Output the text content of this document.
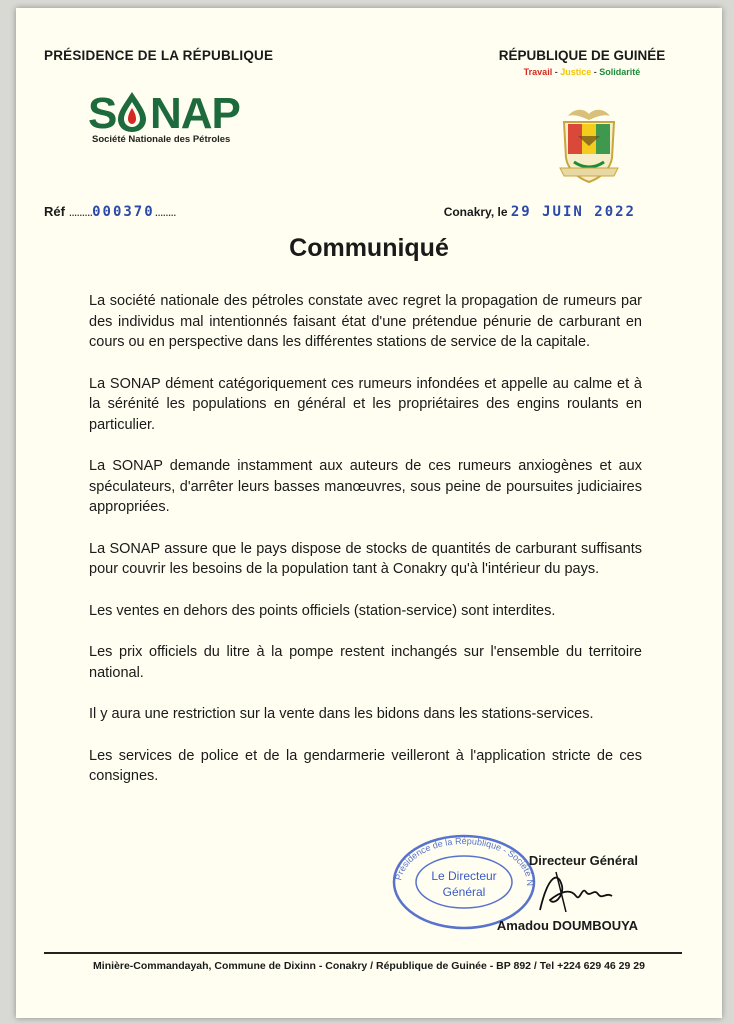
PRÉSIDENCE DE LA RÉPUBLIQUE	RÉPUBLIQUE DE GUINÉE
Travail - Justice - Solidarité
S NAP
Société Nationale des Pétroles
Réf .........000370........	Conakry, le 29 JUIN 2022
Communiqué

La société nationale des pétroles constate avec regret la propagation de rumeurs par des individus mal intentionnés faisant état d'une prétendue pénurie de carburant en cours ou en perspective dans les différentes stations de service de la capitale.

La SONAP dément catégoriquement ces rumeurs infondées et appelle au calme et à la sérénité les populations en général et les propriétaires des engins roulants en particulier.

La SONAP demande instamment aux auteurs de ces rumeurs anxiogènes et aux spéculateurs, d'arrêter leurs basses manœuvres, sous peine de poursuites judiciaires appropriées.

La SONAP assure que le pays dispose de stocks de quantités de carburant suffisants pour couvrir les besoins de la population tant à Conakry qu'à l'intérieur du pays.

Les ventes en dehors des points officiels (station-service) sont interdites.

Les prix officiels du litre à la pompe restent inchangés sur l'ensemble du territoire national.

Il y aura une restriction sur la vente dans les bidons dans les stations-services.

Les services de police et de la gendarmerie veilleront à l'application stricte de ces consignes.

Présidence de la République - Société N
Le Directeur
Général
Directeur Général
Amadou DOUMBOUYA
Minière-Commandayah, Commune de Dixinn - Conakry / République de Guinée - BP 892 / Tel +224 629 46 29 29
